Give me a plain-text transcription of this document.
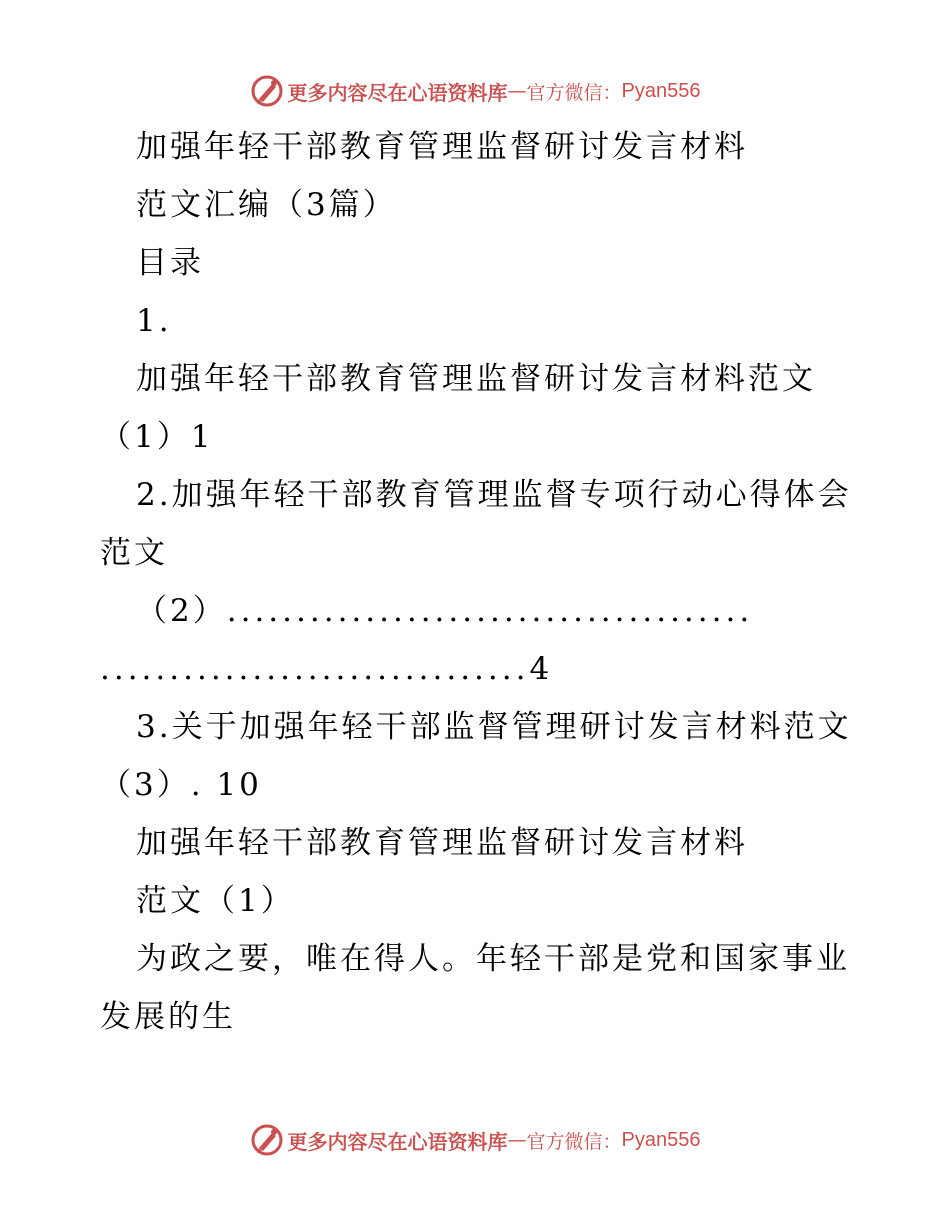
更多内容尽在心语资料库 — 官方微信： Pyan556
加强年轻干部教育管理监督研讨发言材料
范文汇编（3篇）
目录
1.
加强年轻干部教育管理监督研讨发言材料范文
（1）1
2.加强年轻干部教育管理监督专项行动心得体会
范文
（2）......................................
...............................4
3.关于加强年轻干部监督管理研讨发言材料范文
（3）. 10
加强年轻干部教育管理监督研讨发言材料
范文（1）
为政之要，唯在得人。年轻干部是党和国家事业
发展的生
更多内容尽在心语资料库 — 官方微信： Pyan556
